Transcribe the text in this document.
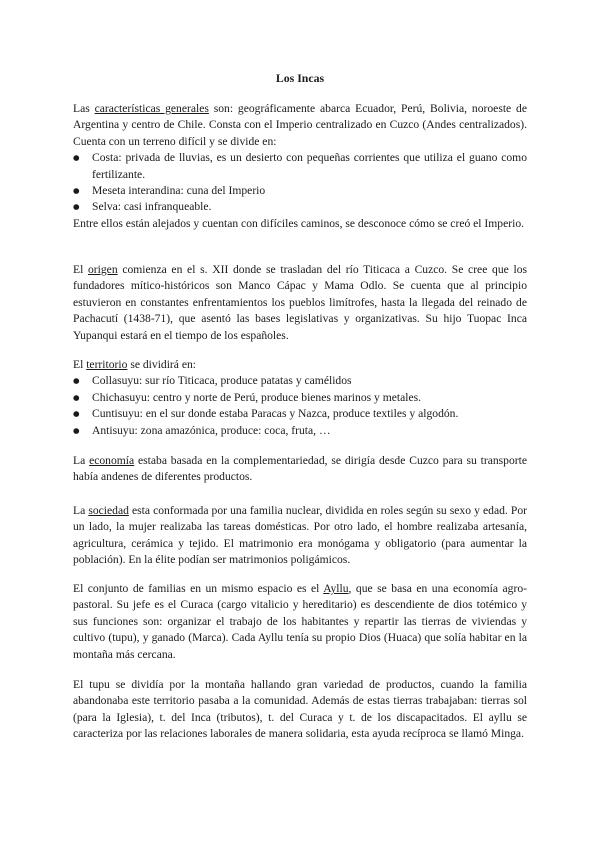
Los Incas

Las características generales son: geográficamente abarca Ecuador, Perú, Bolivia, noroeste de Argentina y centro de Chile. Consta con el Imperio centralizado en Cuzco (Andes centralizados). Cuenta con un terreno difícil y se divide en:

● Costa: privada de lluvias, es un desierto con pequeñas corrientes que utiliza el guano como fertilizante.
● Meseta interandina: cuna del Imperio
● Selva: casi infranqueable.

Entre ellos están alejados y cuentan con difíciles caminos, se desconoce cómo se creó el Imperio.

El origen comienza en el s. XII donde se trasladan del río Titicaca a Cuzco. Se cree que los fundadores mítico-históricos son Manco Cápac y Mama Odlo. Se cuenta que al principio estuvieron en constantes enfrentamientos los pueblos limítrofes, hasta la llegada del reinado de Pachacutí (1438-71), que asentó las bases legislativas y organizativas. Su hijo Tuopac Inca Yupanqui estará en el tiempo de los españoles.

El territorio se dividirá en:

● Collasuyu: sur río Titicaca, produce patatas y camélidos
● Chichasuyu: centro y norte de Perú, produce bienes marinos y metales.
● Cuntisuyu: en el sur donde estaba Paracas y Nazca, produce textiles y algodón.
● Antisuyu: zona amazónica, produce: coca, fruta, …

La economía estaba basada en la complementariedad, se dirigía desde Cuzco para su transporte había andenes de diferentes productos.

La sociedad esta conformada por una familia nuclear, dividida en roles según su sexo y edad. Por un lado, la mujer realizaba las tareas domésticas. Por otro lado, el hombre realizaba artesanía, agricultura, cerámica y tejido. El matrimonio era monógama y obligatorio (para aumentar la población). En la élite podían ser matrimonios poligámicos.

El conjunto de familias en un mismo espacio es el Ayllu, que se basa en una economía agro-pastoral. Su jefe es el Curaca (cargo vitalicio y hereditario) es descendiente de dios totémico y sus funciones son: organizar el trabajo de los habitantes y repartir las tierras de viviendas y cultivo (tupu), y ganado (Marca). Cada Ayllu tenía su propio Dios (Huaca) que solía habitar en la montaña más cercana.

El tupu se dividía por la montaña hallando gran variedad de productos, cuando la familia abandonaba este territorio pasaba a la comunidad. Además de estas tierras trabajaban: tierras sol (para la Iglesia), t. del Inca (tributos), t. del Curaca y t. de los discapacitados. El ayllu se caracteriza por las relaciones laborales de manera solidaria, esta ayuda recíproca se llamó Minga.
